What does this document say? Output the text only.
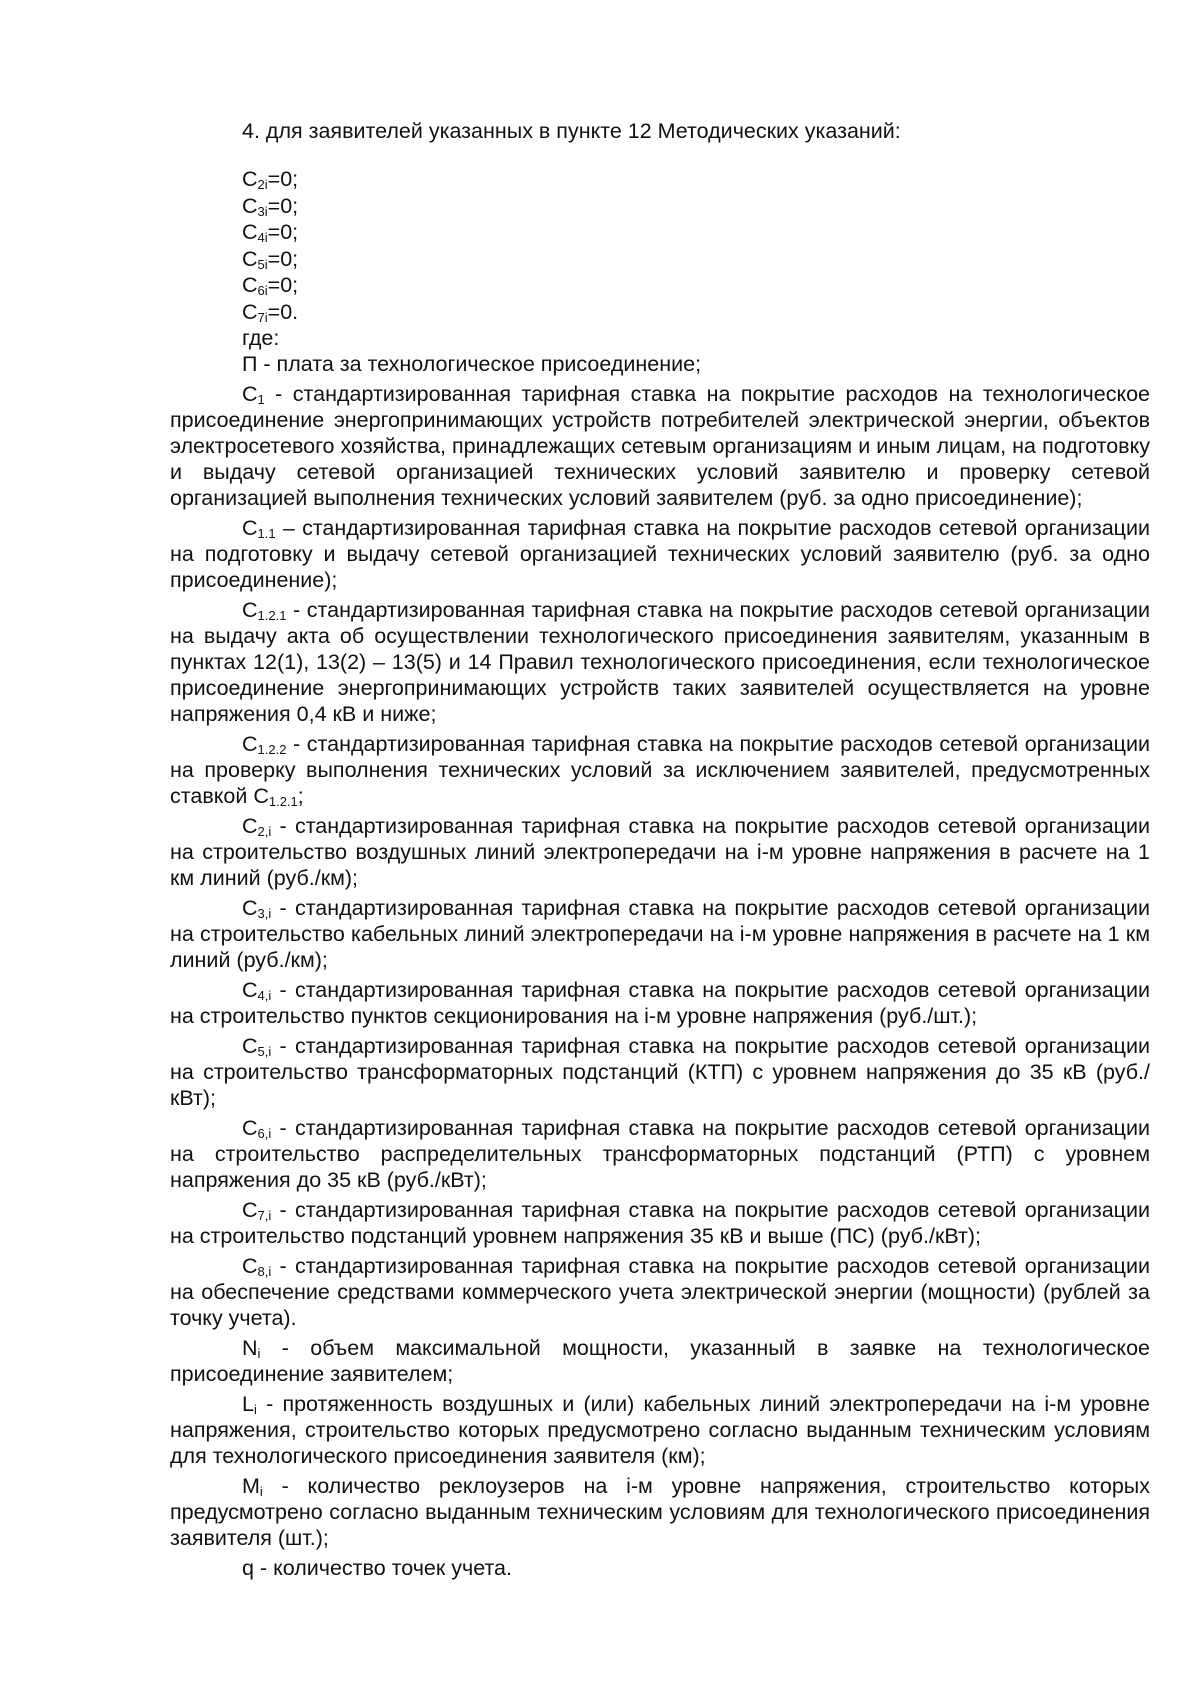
4. для заявителей указанных в пункте 12 Методических указаний:

$C_{2i}=0$;
$C_{3i}=0$;
$C_{4i}=0$;
$C_{5i}=0$;
$C_{6i}=0$;
$C_{7i}=0$.

где:

П - плата за технологическое присоединение;

$C_1$ - стандартизированная тарифная ставка на покрытие расходов на технологическое присоединение энергопринимающих устройств потребителей электрической энергии, объектов электросетевого хозяйства, принадлежащих сетевым организациям и иным лицам, на подготовку и выдачу сетевой организацией технических условий заявителю и проверку сетевой организацией выполнения технических условий заявителем (руб. за одно присоединение);

$C_{1.1}$ – стандартизированная тарифная ставка на покрытие расходов сетевой организации на подготовку и выдачу сетевой организацией технических условий заявителю (руб. за одно присоединение);

$C_{1.2.1}$ - стандартизированная тарифная ставка на покрытие расходов сетевой организации на выдачу акта об осуществлении технологического присоединения заявителям, указанным в пунктах 12(1), 13(2) – 13(5) и 14 Правил технологического присоединения, если технологическое присоединение энергопринимающих устройств таких заявителей осуществляется на уровне напряжения 0,4 кВ и ниже;

$C_{1.2.2}$ - стандартизированная тарифная ставка на покрытие расходов сетевой организации на проверку выполнения технических условий за исключением заявителей, предусмотренных ставкой $C_{1.2.1}$;

$C_{2,i}$ - стандартизированная тарифная ставка на покрытие расходов сетевой организации на строительство воздушных линий электропередачи на i-м уровне напряжения в расчете на 1 км линий (руб./км);

$C_{3,i}$ - стандартизированная тарифная ставка на покрытие расходов сетевой организации на строительство кабельных линий электропередачи на i-м уровне напряжения в расчете на 1 км линий (руб./км);

$C_{4,i}$ - стандартизированная тарифная ставка на покрытие расходов сетевой организации на строительство пунктов секционирования на i-м уровне напряжения (руб./шт.);

$C_{5,i}$ - стандартизированная тарифная ставка на покрытие расходов сетевой организации на строительство трансформаторных подстанций (КТП) с уровнем напряжения до 35 кВ (руб./кВт);

$C_{6,i}$ - стандартизированная тарифная ставка на покрытие расходов сетевой организации на строительство распределительных трансформаторных подстанций (РТП) с уровнем напряжения до 35 кВ (руб./кВт);

$C_{7,i}$ - стандартизированная тарифная ставка на покрытие расходов сетевой организации на строительство подстанций уровнем напряжения 35 кВ и выше (ПС) (руб./кВт);

$C_{8,i}$ - стандартизированная тарифная ставка на покрытие расходов сетевой организации на обеспечение средствами коммерческого учета электрической энергии (мощности) (рублей за точку учета).

$N_i$ - объем максимальной мощности, указанный в заявке на технологическое присоединение заявителем;

$L_i$ - протяженность воздушных и (или) кабельных линий электропередачи на i-м уровне напряжения, строительство которых предусмотрено согласно выданным техническим условиям для технологического присоединения заявителя (км);

$M_i$ - количество реклоузеров на i-м уровне напряжения, строительство которых предусмотрено согласно выданным техническим условиям для технологического присоединения заявителя (шт.);

q - количество точек учета.
